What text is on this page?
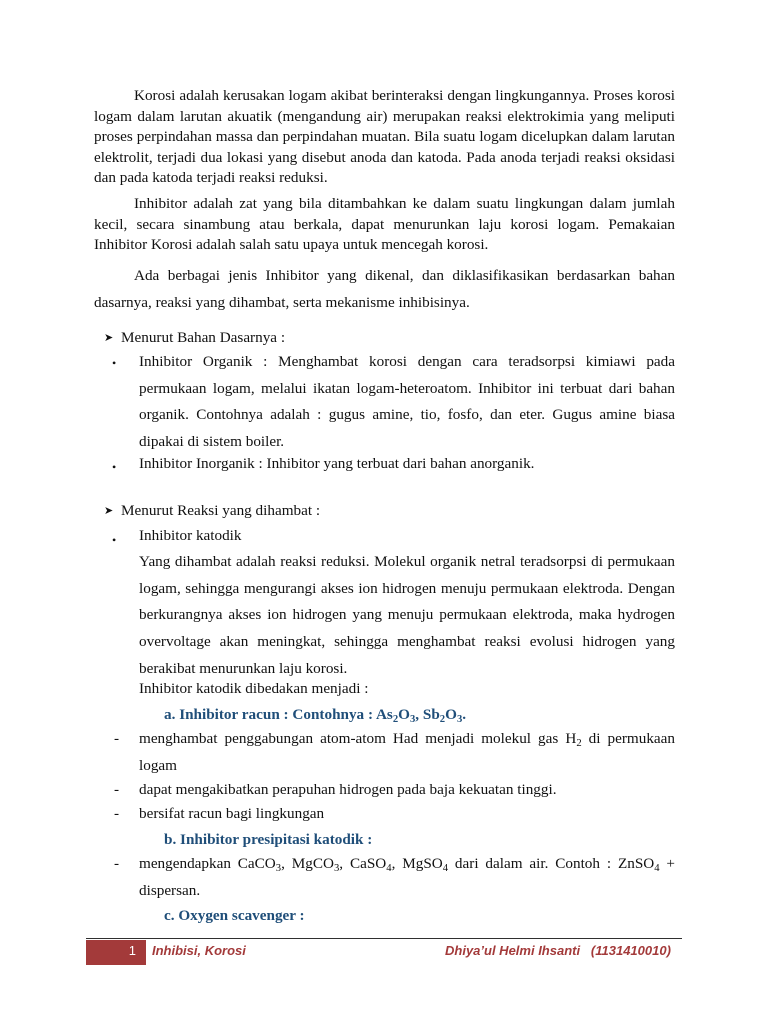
Korosi adalah kerusakan logam akibat berinteraksi dengan lingkungannya. Proses korosi logam dalam larutan akuatik (mengandung air) merupakan reaksi elektrokimia yang meliputi proses perpindahan massa dan perpindahan muatan. Bila suatu logam dicelupkan dalam larutan elektrolit, terjadi dua lokasi yang disebut anoda dan katoda. Pada anoda terjadi reaksi oksidasi dan pada katoda terjadi reaksi reduksi.

Inhibitor adalah zat yang bila ditambahkan ke dalam suatu lingkungan dalam jumlah kecil, secara sinambung atau berkala, dapat menurunkan laju korosi logam. Pemakaian Inhibitor Korosi adalah salah satu upaya untuk mencegah korosi.

Ada berbagai jenis Inhibitor yang dikenal, dan diklasifikasikan berdasarkan bahan dasarnya, reaksi yang dihambat, serta mekanisme inhibisinya.

➤ Menurut Bahan Dasarnya :

•	Inhibitor Organik : Menghambat korosi dengan cara teradsorpsi kimiawi pada permukaan logam, melalui ikatan logam-heteroatom. Inhibitor ini terbuat dari bahan organik. Contohnya adalah : gugus amine, tio, fosfo, dan eter. Gugus amine biasa dipakai di sistem boiler.

•	Inhibitor Inorganik : Inhibitor yang terbuat dari bahan anorganik.

➤ Menurut Reaksi yang dihambat :

•	Inhibitor katodik

Yang dihambat adalah reaksi reduksi. Molekul organik netral teradsorpsi di permukaan logam, sehingga mengurangi akses ion hidrogen menuju permukaan elektroda. Dengan berkurangnya akses ion hidrogen yang menuju permukaan elektroda, maka hydrogen overvoltage akan meningkat, sehingga menghambat reaksi evolusi hidrogen yang berakibat menurunkan laju korosi.

Inhibitor katodik dibedakan menjadi :

a. Inhibitor racun : Contohnya : $As_2O_3$, $Sb_2O_3$.

-	menghambat penggabungan atom-atom Had menjadi molekul gas $H_2$ di permukaan logam

-	dapat mengakibatkan perapuhan hidrogen pada baja kekuatan tinggi.

-	bersifat racun bagi lingkungan

b. Inhibitor presipitasi katodik :

-	mengendapkan CaCO$_3$, MgCO$_3$, CaSO$_4$, MgSO$_4$ dari dalam air. Contoh : ZnSO$_4$ + dispersan.

c. Oxygen scavenger :

1 Inhibisi, Korosi	Dhiya’ul Helmi Ihsanti   (1131410010)
